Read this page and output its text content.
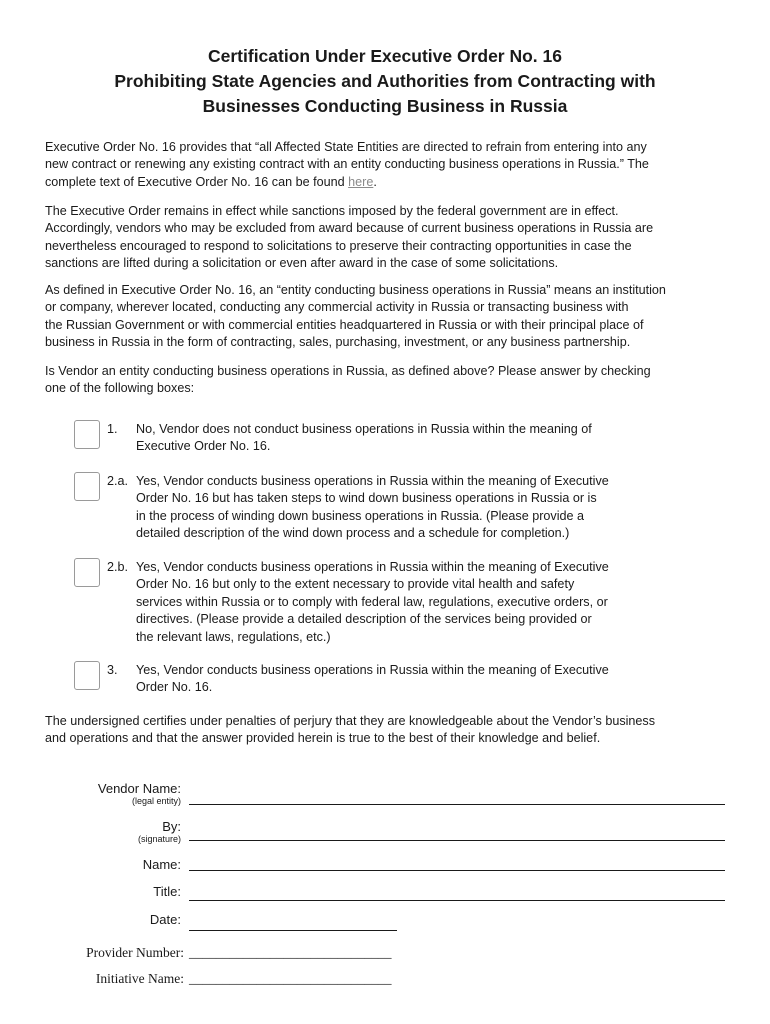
Certification Under Executive Order No. 16
Prohibiting State Agencies and Authorities from Contracting with
Businesses Conducting Business in Russia
Executive Order No. 16 provides that “all Affected State Entities are directed to refrain from entering into any
new contract or renewing any existing contract with an entity conducting business operations in Russia.” The
complete text of Executive Order No. 16 can be found here.
The Executive Order remains in effect while sanctions imposed by the federal government are in effect.
Accordingly, vendors who may be excluded from award because of current business operations in Russia are
nevertheless encouraged to respond to solicitations to preserve their contracting opportunities in case the
sanctions are lifted during a solicitation or even after award in the case of some solicitations.
As defined in Executive Order No. 16, an “entity conducting business operations in Russia” means an institution
or company, wherever located, conducting any commercial activity in Russia or transacting business with
the Russian Government or with commercial entities headquartered in Russia or with their principal place of
business in Russia in the form of contracting, sales, purchasing, investment, or any business partnership.
Is Vendor an entity conducting business operations in Russia, as defined above? Please answer by checking
one of the following boxes:
1. No, Vendor does not conduct business operations in Russia within the meaning of
Executive Order No. 16.
2.a. Yes, Vendor conducts business operations in Russia within the meaning of Executive
Order No. 16 but has taken steps to wind down business operations in Russia or is
in the process of winding down business operations in Russia. (Please provide a
detailed description of the wind down process and a schedule for completion.)
2.b. Yes, Vendor conducts business operations in Russia within the meaning of Executive
Order No. 16 but only to the extent necessary to provide vital health and safety
services within Russia or to comply with federal law, regulations, executive orders, or
directives. (Please provide a detailed description of the services being provided or
the relevant laws, regulations, etc.)
3. Yes, Vendor conducts business operations in Russia within the meaning of Executive
Order No. 16.
The undersigned certifies under penalties of perjury that they are knowledgeable about the Vendor’s business
and operations and that the answer provided herein is true to the best of their knowledge and belief.
Vendor Name:
(legal entity)
By:
(signature)
Name:
Title:
Date:
Provider Number: ______________________________
Initiative Name: ______________________________
